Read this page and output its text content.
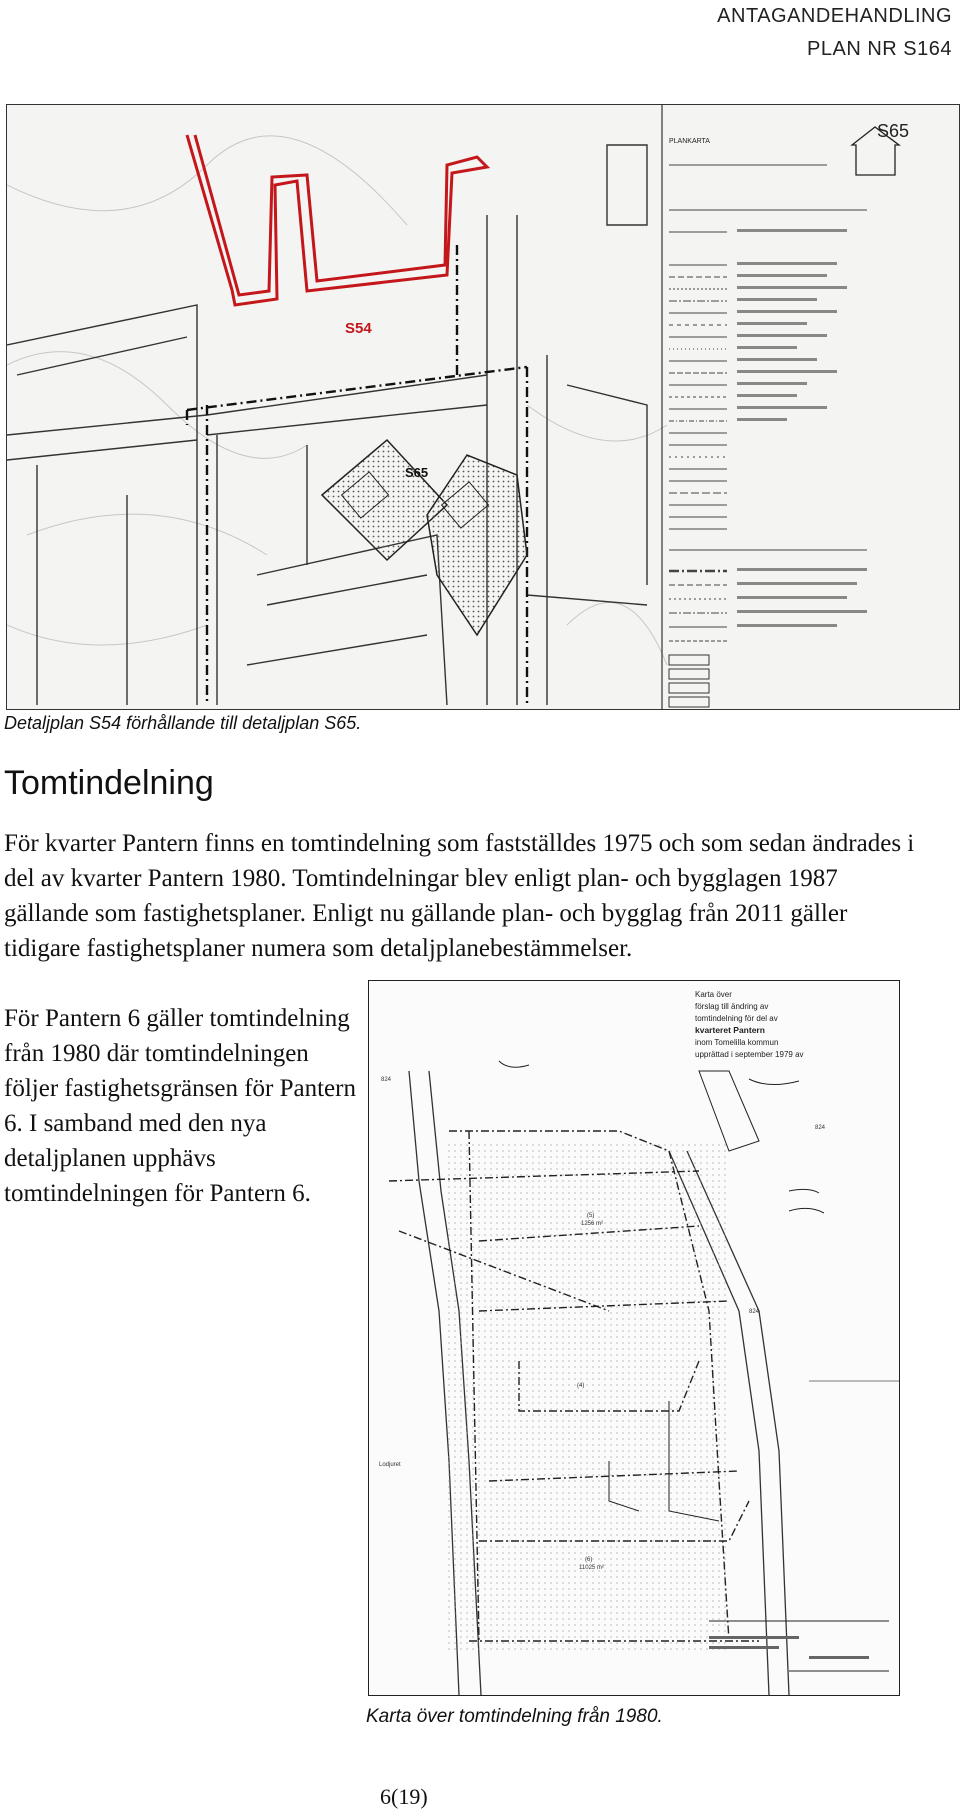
ANTAGANDEHANDLING
PLAN NR S164
S54
S65
PLANKARTA
S65
Detaljplan S54 förhållande till detaljplan S65.
Tomtindelning

För kvarter Pantern finns en tomtindelning som fastställdes 1975 och som sedan ändrades i del av kvarter Pantern 1980. Tomtindelningar blev enligt plan- och bygglagen 1987 gällande som fastighetsplaner. Enligt nu gällande plan- och bygglag från 2011 gäller tidigare fastighetsplaner numera som detaljplanebestämmelser.

För Pantern 6 gäller tomtindelning från 1980 där tomtindelningen följer fastighetsgränsen för Pantern 6. I samband med den nya detaljplanen upphävs tomtindelningen för Pantern 6.

Karta över
förslag till ändring av
tomtindelning för del av
kvarteret Pantern
inom Tomelilla kommun
upprättad i september 1979 av
(5)
1256 m²
(4)
(6)
11025 m²
824
824
824
Lodjuret
Karta över tomtindelning från 1980.
6(19)
